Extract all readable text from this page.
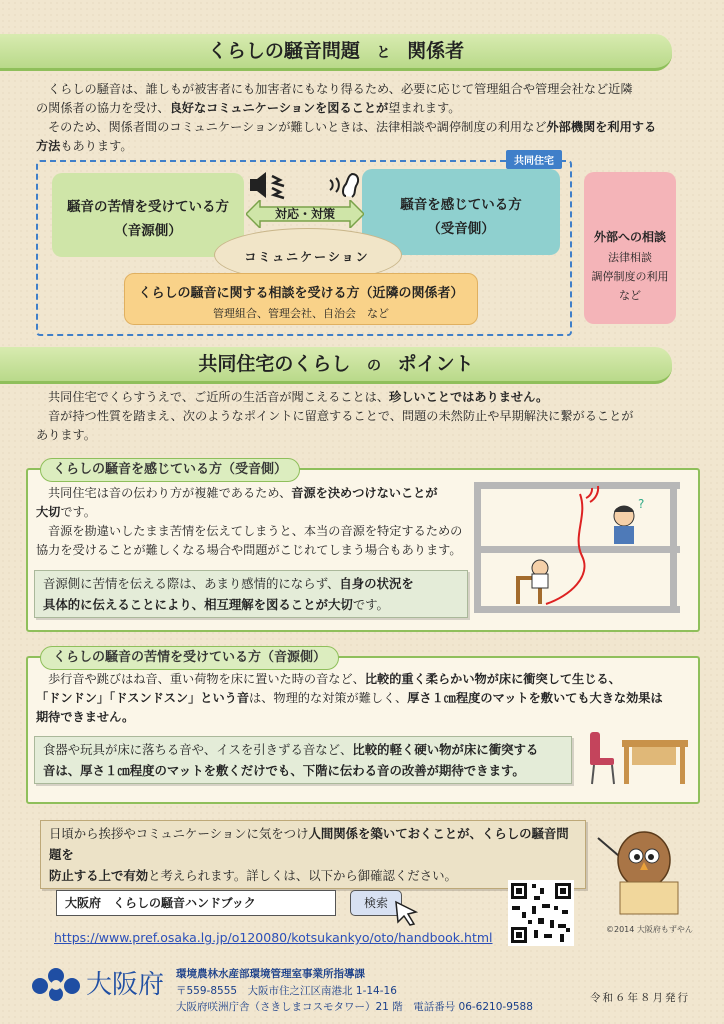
くらしの騒音問題 と 関係者
くらしの騒音は、誰しもが被害者にも加害者にもなり得るため、必要に応じて管理組合や管理会社など近隣
の関係者の協力を受け、良好なコミュニケーションを図ることが望まれます。
そのため、関係者間のコミュニケーションが難しいときは、法律相談や調停制度の利用など外部機関を利用する
方法もあります。
共同住宅
騒音の苦情を受けている方
（音源側）
騒音を感じている方
（受音側）
対応・対策
コミュニケーション
くらしの騒音に関する相談を受ける方（近隣の関係者）
管理組合、管理会社、自治会　など
外部への相談
法律相談
調停制度の利用
など
共同住宅のくらし の ポイント
共同住宅でくらすうえで、ご近所の生活音が聞こえることは、珍しいことではありません。
音が持つ性質を踏まえ、次のようなポイントに留意することで、問題の未然防止や早期解決に繋がることが
あります。
くらしの騒音を感じている方（受音側）
共同住宅は音の伝わり方が複雑であるため、音源を決めつけないことが
大切です。
音源を勘違いしたまま苦情を伝えてしまうと、本当の音源を特定するための
協力を受けることが難しくなる場合や問題がこじれてしまう場合もあります。
音源側に苦情を伝える際は、あまり感情的にならず、自身の状況を
具体的に伝えることにより、相互理解を図ることが大切です。
?
くらしの騒音の苦情を受けている方（音源側）
歩行音や跳びはね音、重い荷物を床に置いた時の音など、比較的重く柔らかい物が床に衝突して生じる、
「ドンドン」「ドスンドスン」という音は、物理的な対策が難しく、厚さ１㎝程度のマットを敷いても大きな効果は
期待できません。
食器や玩具が床に落ちる音や、イスを引きずる音など、比較的軽く硬い物が床に衝突する
音は、厚さ１㎝程度のマットを敷くだけでも、下階に伝わる音の改善が期待できます。
日頃から挨拶やコミュニケーションに気をつけ人間関係を築いておくことが、くらしの騒音問題を
防止する上で有効と考えられます。詳しくは、以下から御確認ください。
大阪府　くらしの騒音ハンドブック	検索
https://www.pref.osaka.lg.jp/o120080/kotsukankyo/oto/handbook.html
©2014 大阪府もずやん
大阪府 環境農林水産部環境管理室事業所指導課
〒559-8555　大阪市住之江区南港北 1-14-16
大阪府咲洲庁舎（さきしまコスモタワー）21 階　電話番号 06-6210-9588
令和６年８月発行
